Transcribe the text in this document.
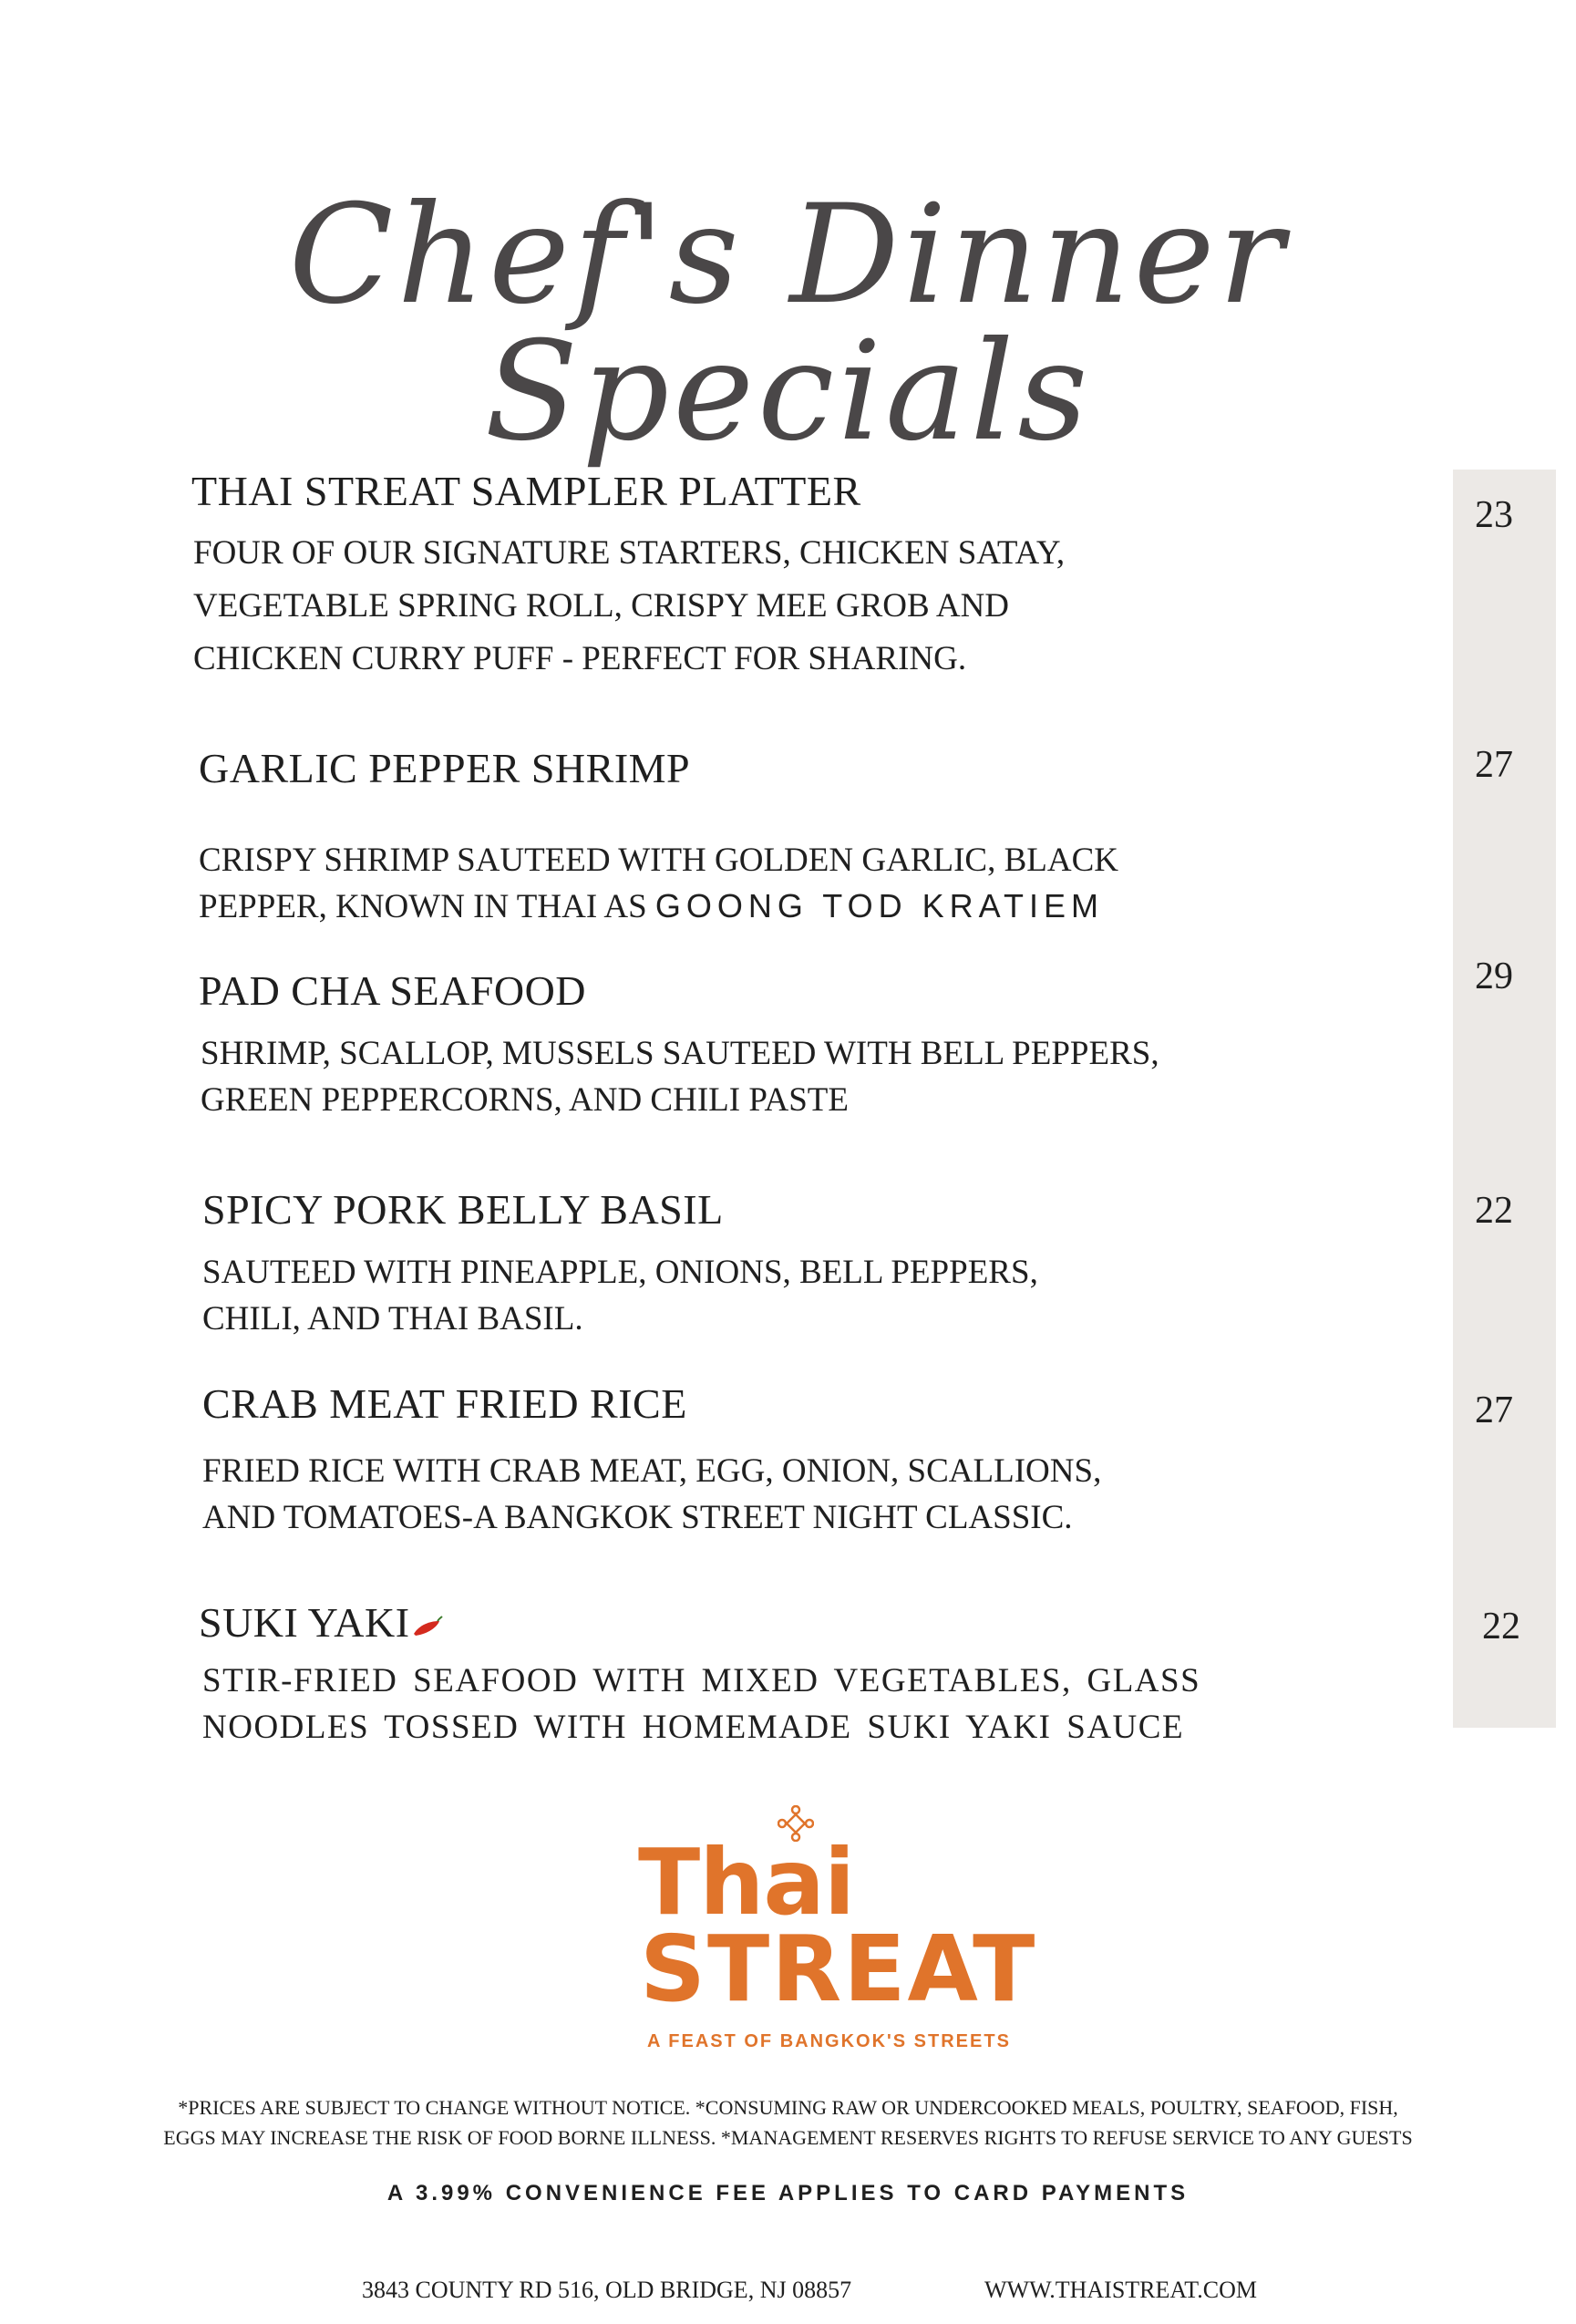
Chef's Dinner Specials
THAI STREAT SAMPLER PLATTER
FOUR OF OUR SIGNATURE STARTERS, CHICKEN SATAY,
VEGETABLE SPRING ROLL, CRISPY MEE GROB AND
CHICKEN CURRY PUFF - PERFECT FOR SHARING.
23
GARLIC PEPPER SHRIMP
CRISPY SHRIMP SAUTEED WITH GOLDEN GARLIC, BLACK
PEPPER, KNOWN IN THAI AS GOONG TOD KRATIEM
27
PAD CHA SEAFOOD
SHRIMP, SCALLOP, MUSSELS SAUTEED WITH BELL PEPPERS,
GREEN PEPPERCORNS, AND CHILI PASTE
29
SPICY PORK BELLY BASIL
SAUTEED WITH PINEAPPLE, ONIONS, BELL PEPPERS,
CHILI, AND THAI BASIL.
22
CRAB MEAT FRIED RICE
FRIED RICE WITH CRAB MEAT, EGG, ONION, SCALLIONS,
AND TOMATOES-A BANGKOK STREET NIGHT CLASSIC.
27
SUKI YAKI
STIR-FRIED SEAFOOD WITH MIXED VEGETABLES, GLASS
NOODLES TOSSED WITH HOMEMADE SUKI YAKI SAUCE
22
Thai
STREAT
A FEAST OF BANGKOK'S STREETS
*PRICES ARE SUBJECT TO CHANGE WITHOUT NOTICE. *CONSUMING RAW OR UNDERCOOKED MEALS, POULTRY, SEAFOOD, FISH,
EGGS MAY INCREASE THE RISK OF FOOD BORNE ILLNESS. *MANAGEMENT RESERVES RIGHTS TO REFUSE SERVICE TO ANY GUESTS
A 3.99% CONVENIENCE FEE APPLIES TO CARD PAYMENTS
3843 COUNTY RD 516, OLD BRIDGE, NJ 08857	WWW.THAISTREAT.COM
